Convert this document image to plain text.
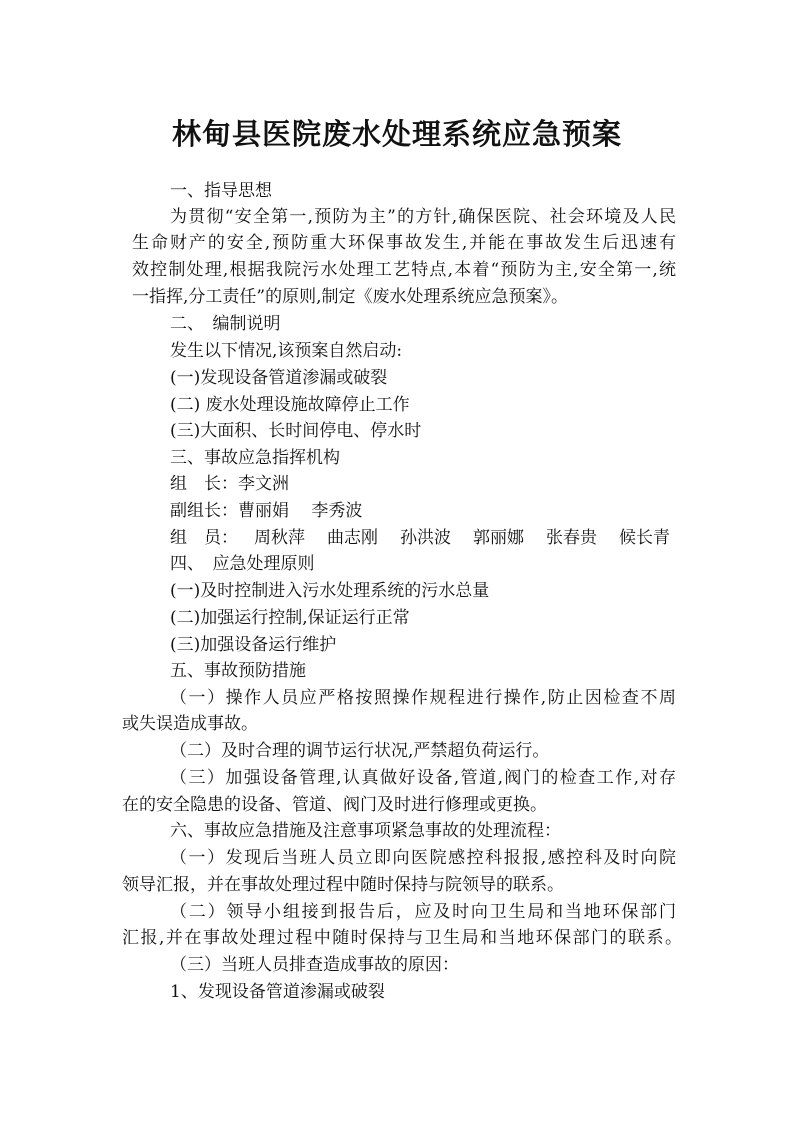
林甸县医院废水处理系统应急预案

一、指导思想

为贯彻“安全第一,预防为主”的方针,确保医院、社会环境及人民

生命财产的安全,预防重大环保事故发生,并能在事故发生后迅速有

效控制处理,根据我院污水处理工艺特点,本着“预防为主,安全第一,统

一指挥,分工责任”的原则,制定《废水处理系统应急预案》。

二、　编制说明

发生以下情况,该预案自然启动:

(一)发现设备管道渗漏或破裂

(二) 废水处理设施故障停止工作

(三)大面积、长时间停电、停水时

三、事故应急指挥机构

组　长：李文洲

副组长：曹丽娟　 李秀波

组　员： 周秋萍 曲志刚 孙洪波 郭丽娜 张春贵 候长青

四、　应急处理原则

(一)及时控制进入污水处理系统的污水总量

(二)加强运行控制,保证运行正常

(三)加强设备运行维护

五、事故预防措施

（一）操作人员应严格按照操作规程进行操作,防止因检查不周

或失误造成事故。

（二）及时合理的调节运行状况,严禁超负荷运行。

（三）加强设备管理,认真做好设备,管道,阀门的检查工作,对存

在的安全隐患的设备、管道、阀门及时进行修理或更换。

六、事故应急措施及注意事项紧急事故的处理流程：

（一）发现后当班人员立即向医院感控科报报,感控科及时向院

领导汇报，并在事故处理过程中随时保持与院领导的联系。

（二）领导小组接到报告后，应及时向卫生局和当地环保部门

汇报,并在事故处理过程中随时保持与卫生局和当地环保部门的联系。

（三）当班人员排查造成事故的原因：

1、发现设备管道渗漏或破裂
